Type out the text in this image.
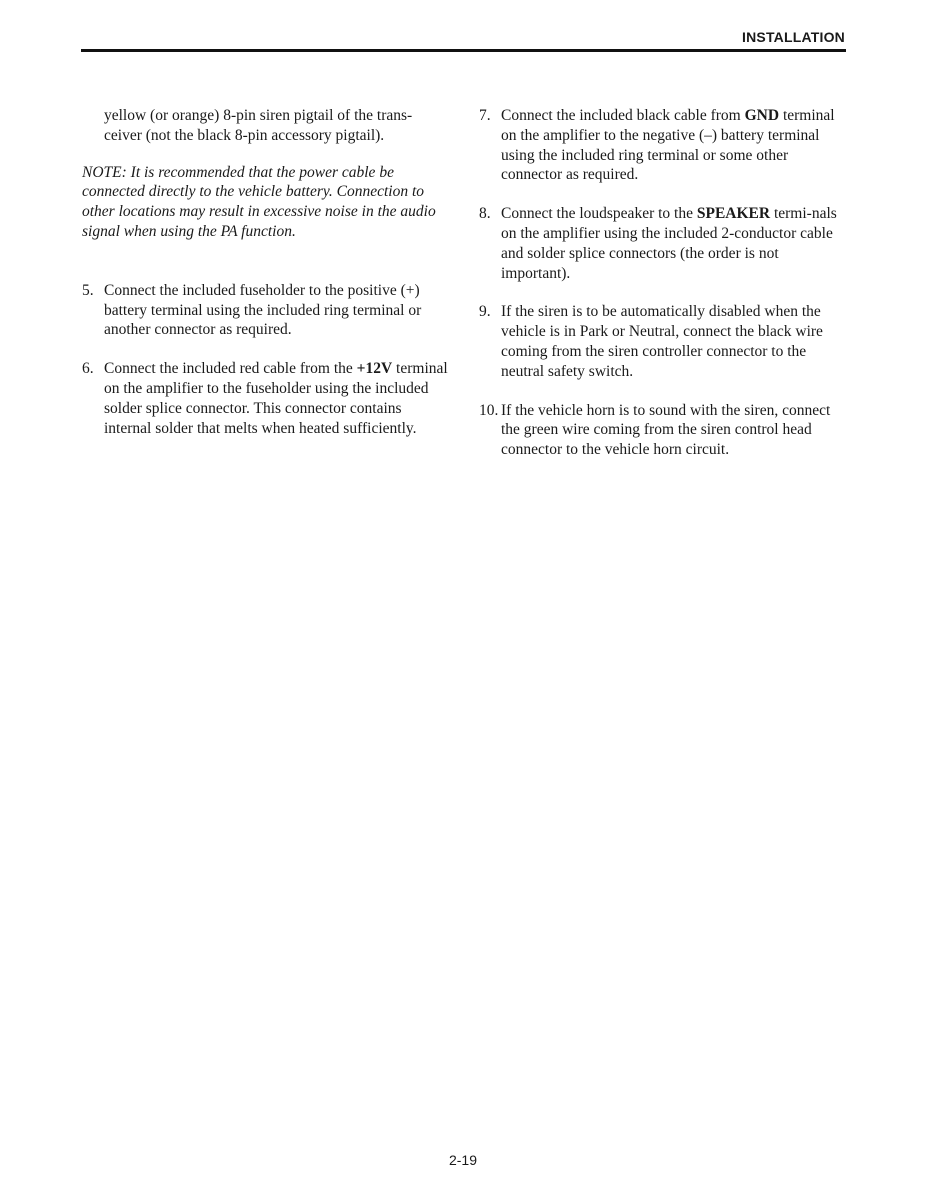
INSTALLATION

yellow (or orange) 8-pin siren pigtail of the trans-ceiver (not the black 8-pin accessory pigtail).

NOTE: It is recommended that the power cable be connected directly to the vehicle battery. Connection to other locations may result in excessive noise in the audio signal when using the PA function.

5. Connect the included fuseholder to the positive (+) battery terminal using the included ring terminal or another connector as required.
6. Connect the included red cable from the +12V terminal on the amplifier to the fuseholder using the included solder splice connector. This connector contains internal solder that melts when heated sufficiently.
7. Connect the included black cable from GND terminal on the amplifier to the negative (–) battery terminal using the included ring terminal or some other connector as required.
8. Connect the loudspeaker to the SPEAKER termi-nals on the amplifier using the included 2-conductor cable and solder splice connectors (the order is not important).
9. If the siren is to be automatically disabled when the vehicle is in Park or Neutral, connect the black wire coming from the siren controller connector to the neutral safety switch.
10. If the vehicle horn is to sound with the siren, connect the green wire coming from the siren control head connector to the vehicle horn circuit.
2-19
